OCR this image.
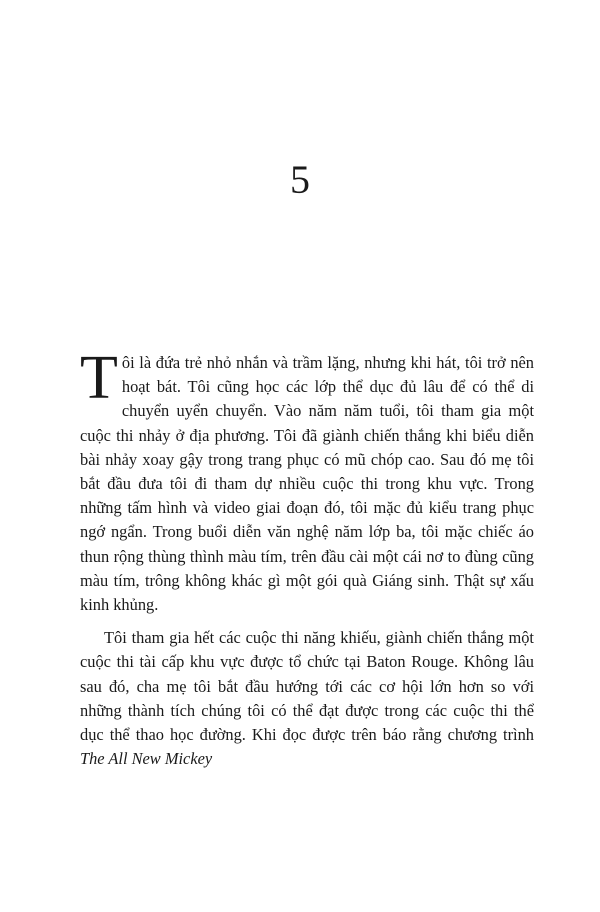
5

Tôi là đứa trẻ nhỏ nhắn và trầm lặng, nhưng khi hát, tôi trở nên hoạt bát. Tôi cũng học các lớp thể dục đủ lâu để có thể di chuyển uyển chuyển. Vào năm năm tuổi, tôi tham gia một cuộc thi nhảy ở địa phương. Tôi đã giành chiến thắng khi biểu diễn bài nhảy xoay gậy trong trang phục có mũ chóp cao. Sau đó mẹ tôi bắt đầu đưa tôi đi tham dự nhiều cuộc thi trong khu vực. Trong những tấm hình và video giai đoạn đó, tôi mặc đủ kiểu trang phục ngớ ngẩn. Trong buổi diễn văn nghệ năm lớp ba, tôi mặc chiếc áo thun rộng thùng thình màu tím, trên đầu cài một cái nơ to đùng cũng màu tím, trông không khác gì một gói quà Giáng sinh. Thật sự xấu kinh khủng.

Tôi tham gia hết các cuộc thi năng khiếu, giành chiến thắng một cuộc thi tài cấp khu vực được tổ chức tại Baton Rouge. Không lâu sau đó, cha mẹ tôi bắt đầu hướng tới các cơ hội lớn hơn so với những thành tích chúng tôi có thể đạt được trong các cuộc thi thể dục thể thao học đường. Khi đọc được trên báo rằng chương trình The All New Mickey
